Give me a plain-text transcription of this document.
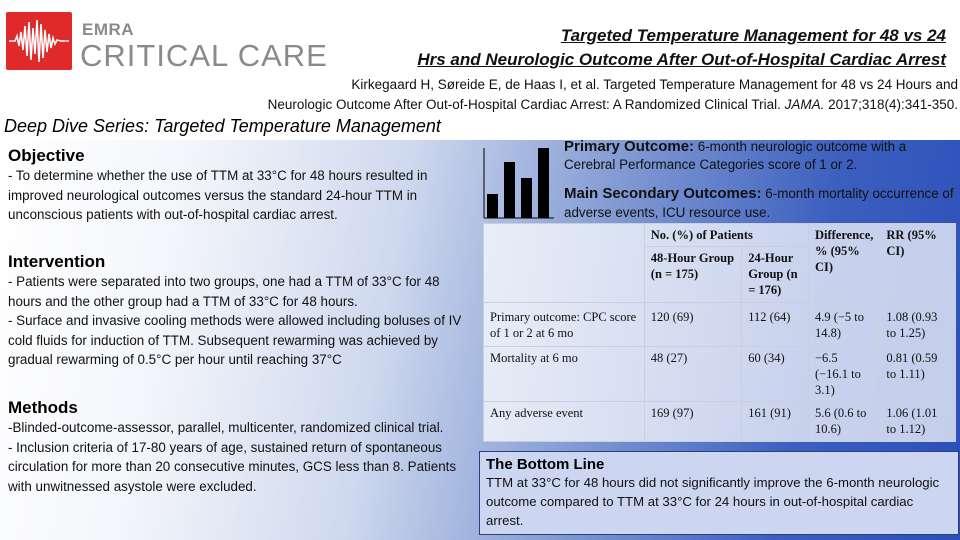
EMRA
CRITICAL CARE
Targeted Temperature Management for 48 vs 24
Hrs and Neurologic Outcome After Out-of-Hospital Cardiac Arrest
Kirkegaard H, Søreide E, de Haas I, et al. Targeted Temperature Management for 48 vs 24 Hours and
Neurologic Outcome After Out-of-Hospital Cardiac Arrest: A Randomized Clinical Trial. JAMA. 2017;318(4):341-350.
Deep Dive Series: Targeted Temperature Management
Objective
- To determine whether the use of TTM at 33°C for 48 hours resulted in improved neurological outcomes versus the standard 24-hour TTM in unconscious patients with out-of-hospital cardiac arrest.
Intervention
- Patients were separated into two groups, one had a TTM of 33°C for 48 hours and the other group had a TTM of 33°C for 48 hours.
- Surface and invasive cooling methods were allowed including boluses of IV cold fluids for induction of TTM. Subsequent rewarming was achieved by gradual rewarming of 0.5°C per hour until reaching 37°C
Methods
-Blinded-outcome-assessor, parallel, multicenter, randomized clinical trial.
- Inclusion criteria of 17-80 years of age, sustained return of spontaneous circulation for more than 20 consecutive minutes, GCS less than 8. Patients with unwitnessed asystole were excluded.
Primary Outcome: 6-month neurologic outcome with a Cerebral Performance Categories score of 1 or 2.
Main Secondary Outcomes: 6-month mortality occurrence of adverse events, ICU resource use.
	No. (%) of Patients		Difference, % (95% CI)	RR (95% CI)
	48-Hour Group (n = 175)	24-Hour Group (n = 176)		
Primary outcome: CPC score of 1 or 2 at 6 mo	120 (69)	112 (64)	4.9 (−5 to 14.8)	1.08 (0.93 to 1.25)
Mortality at 6 mo	48 (27)	60 (34)	−6.5 (−16.1 to 3.1)	0.81 (0.59 to 1.11)
Any adverse event	169 (97)	161 (91)	5.6 (0.6 to 10.6)	1.06 (1.01 to 1.12)
The Bottom Line
TTM at 33°C for 48 hours did not significantly improve the 6-month neurologic outcome compared to TTM at 33°C for 24 hours in out-of-hospital cardiac arrest.
